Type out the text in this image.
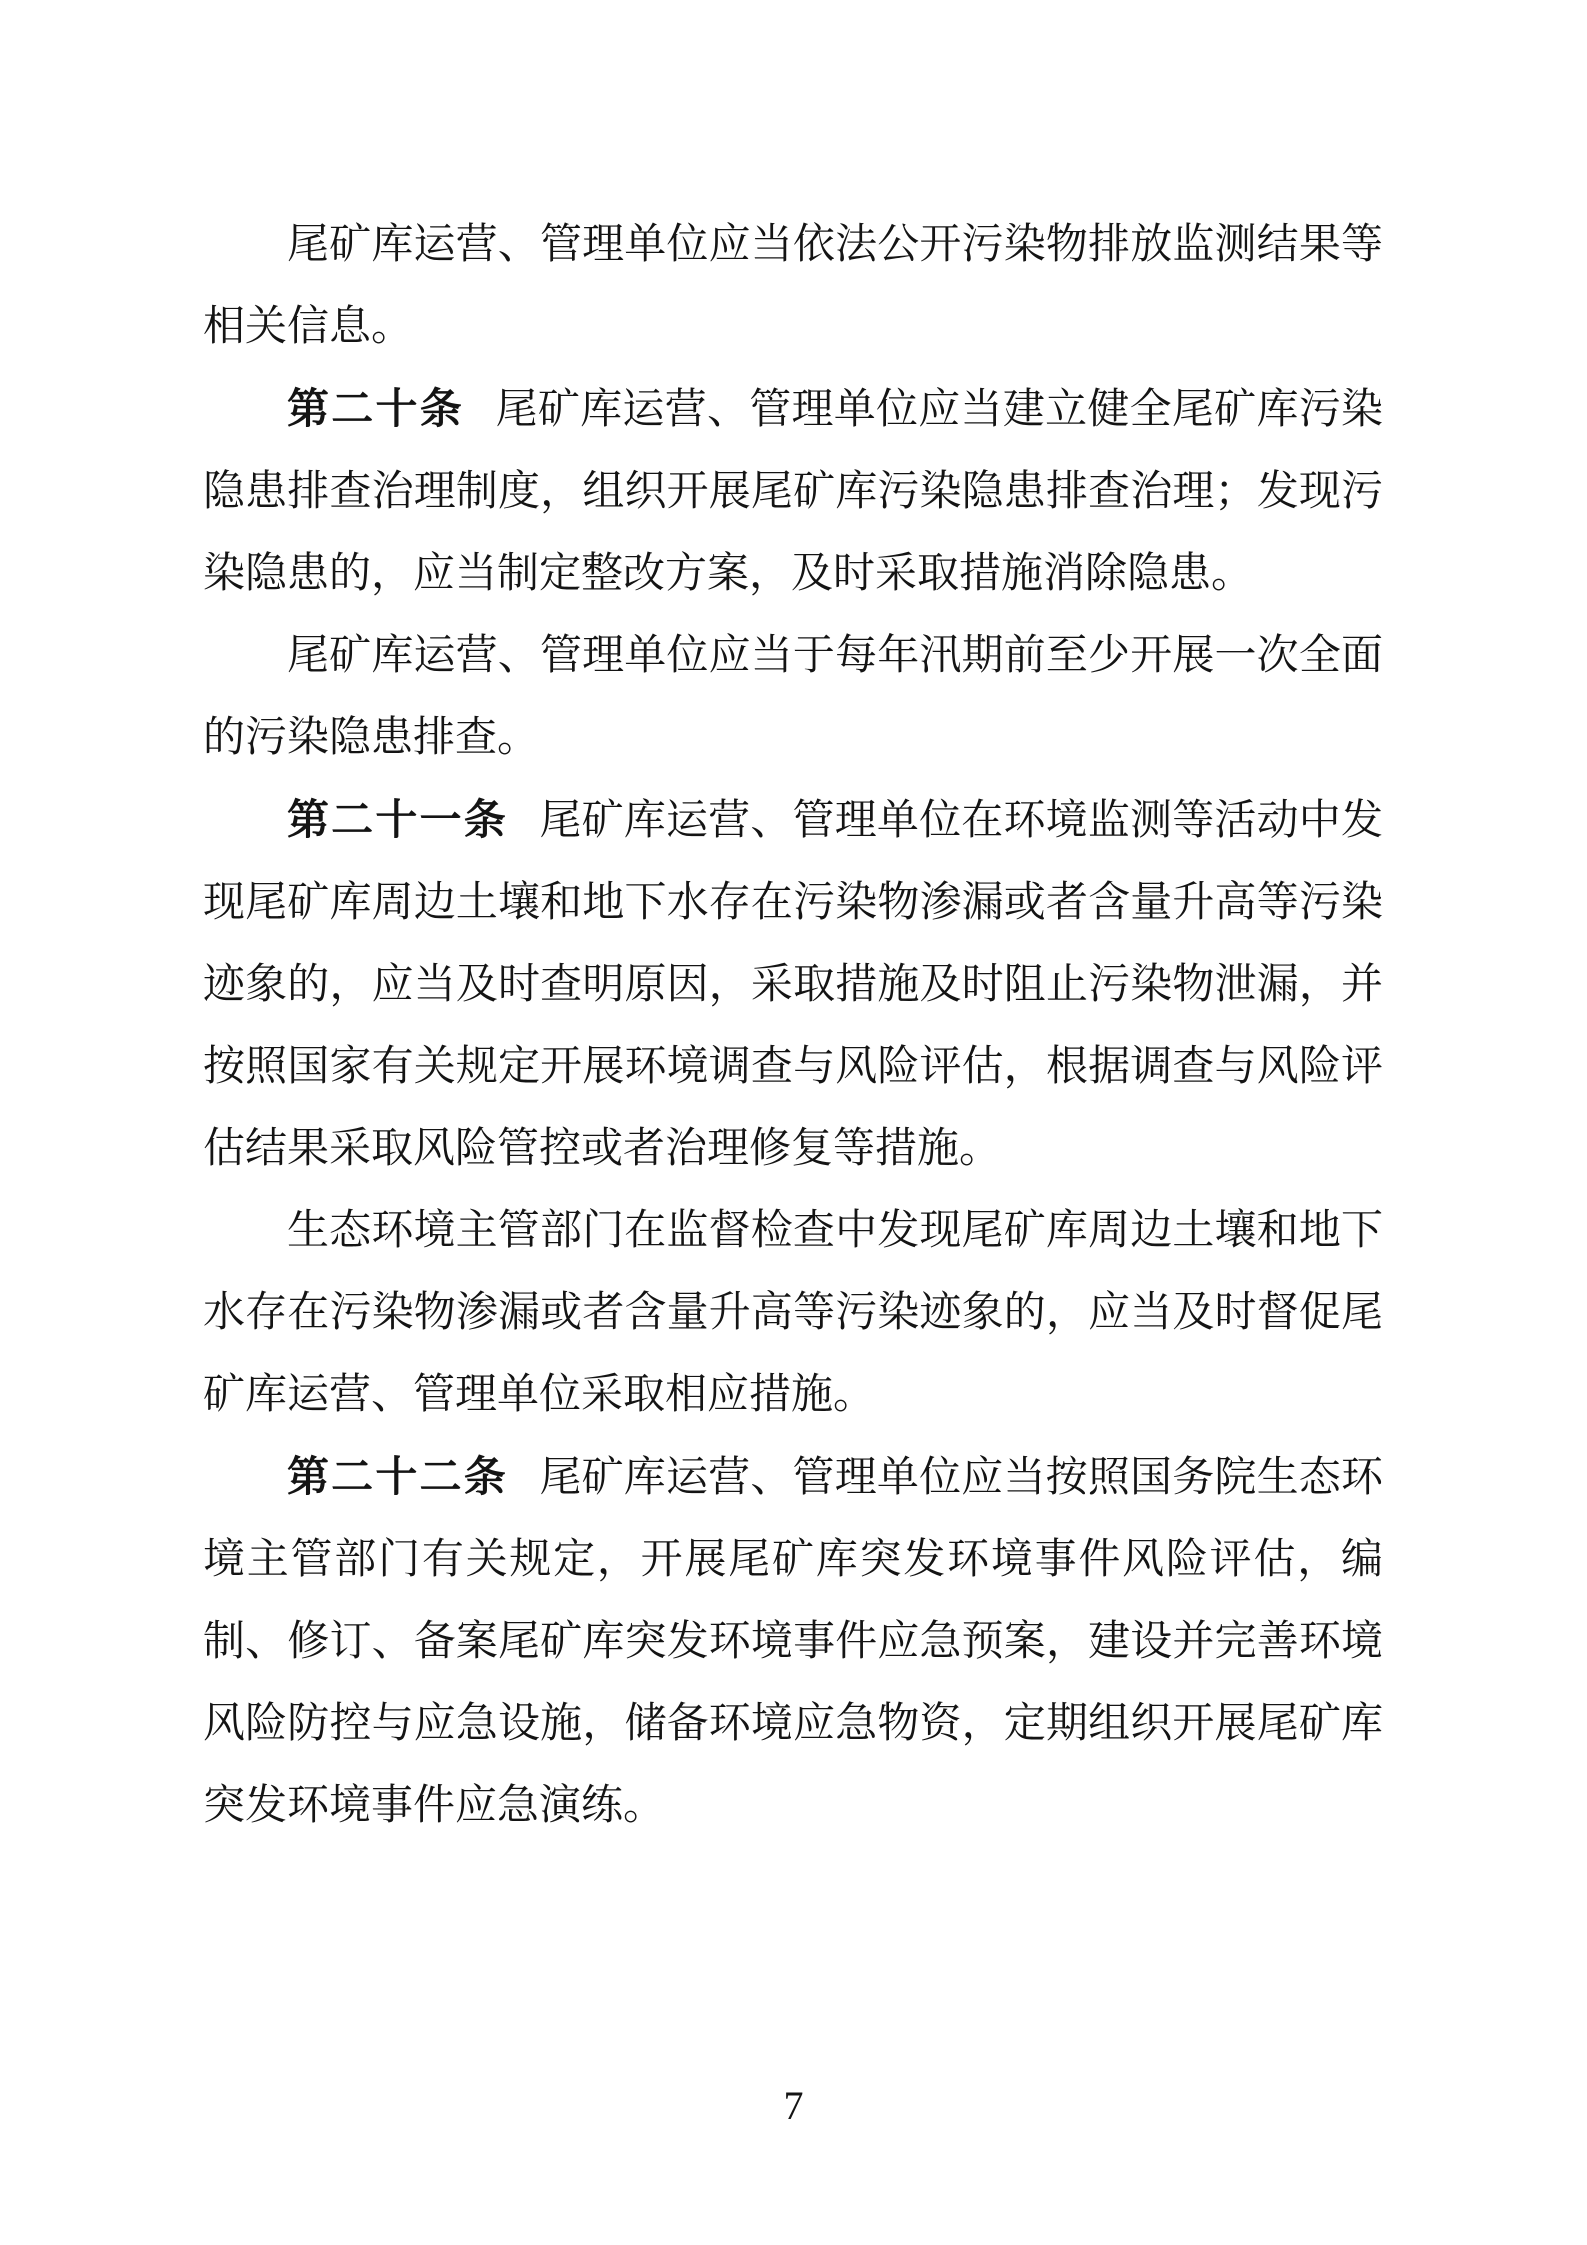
尾矿库运营、管理单位应当依法公开污染物排放监测结果等相关信息。

第二十条 尾矿库运营、管理单位应当建立健全尾矿库污染隐患排查治理制度，组织开展尾矿库污染隐患排查治理；发现污染隐患的，应当制定整改方案，及时采取措施消除隐患。

尾矿库运营、管理单位应当于每年汛期前至少开展一次全面的污染隐患排查。

第二十一条 尾矿库运营、管理单位在环境监测等活动中发现尾矿库周边土壤和地下水存在污染物渗漏或者含量升高等污染迹象的，应当及时查明原因，采取措施及时阻止污染物泄漏，并按照国家有关规定开展环境调查与风险评估，根据调查与风险评估结果采取风险管控或者治理修复等措施。

生态环境主管部门在监督检查中发现尾矿库周边土壤和地下水存在污染物渗漏或者含量升高等污染迹象的，应当及时督促尾矿库运营、管理单位采取相应措施。

第二十二条 尾矿库运营、管理单位应当按照国务院生态环境主管部门有关规定，开展尾矿库突发环境事件风险评估，编制、修订、备案尾矿库突发环境事件应急预案，建设并完善环境风险防控与应急设施，储备环境应急物资，定期组织开展尾矿库突发环境事件应急演练。

7
